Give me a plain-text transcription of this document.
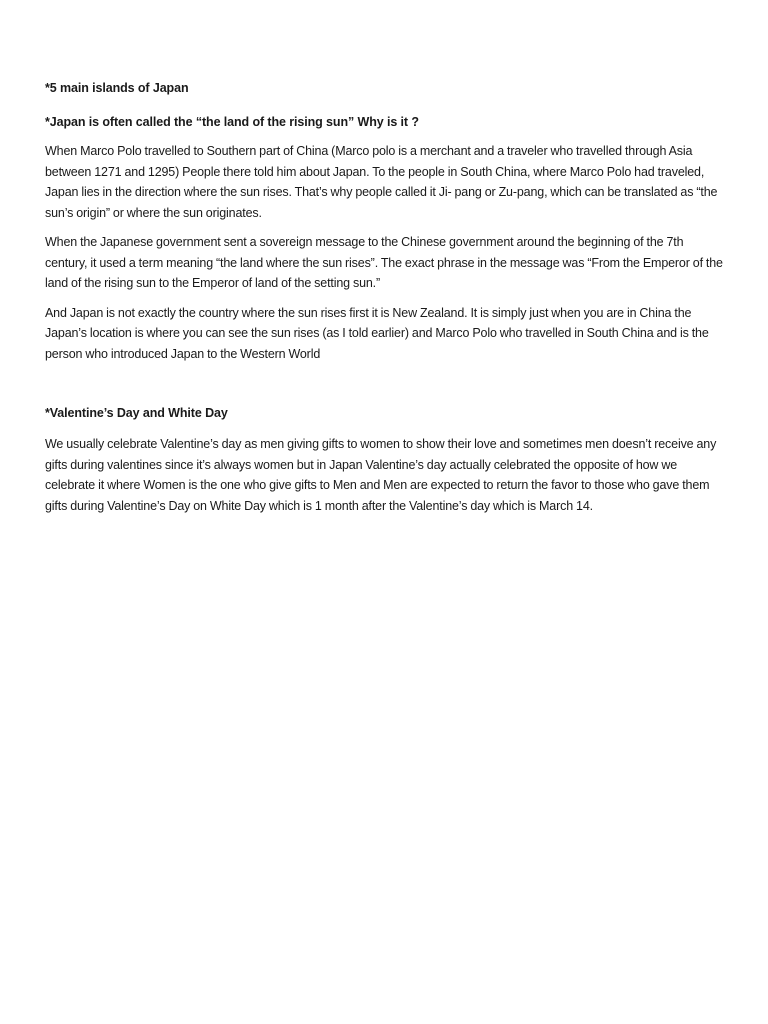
*5 main islands of Japan

*Japan is often called the “the land of the rising sun” Why is it ?

When Marco Polo travelled to Southern part of China (Marco polo is a merchant and a traveler who travelled through Asia between 1271 and 1295) People there told him about Japan. To the people in South China, where Marco Polo had traveled, Japan lies in the direction where the sun rises. That’s why people called it Ji- pang or Zu-pang, which can be translated as “the sun’s origin” or where the sun originates.

When the Japanese government sent a sovereign message to the Chinese government around the beginning of the 7th century, it used a term meaning “the land where the sun rises”. The exact phrase in the message was “From the Emperor of the land of the rising sun to the Emperor of land of the setting sun.”

And Japan is not exactly the country where the sun rises first it is New Zealand. It is simply just when you are in China the Japan’s location is where you can see the sun rises (as I told earlier) and Marco Polo who travelled in South China and is the person who introduced Japan to the Western World

*Valentine’s Day and White Day

We usually celebrate Valentine’s day as men giving gifts to women to show their love and sometimes men doesn’t receive any gifts during valentines since it’s always women but in Japan Valentine’s day actually celebrated the opposite of how we celebrate it where Women is the one who give gifts to Men and Men are expected to return the favor to those who gave them gifts during Valentine’s Day on White Day which is 1 month after the Valentine’s day which is March 14.
